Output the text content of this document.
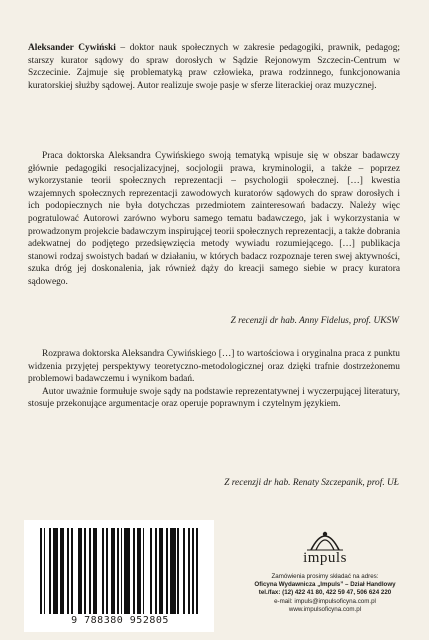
Aleksander Cywiński – doktor nauk społecznych w zakresie pedagogiki, prawnik, pedagog; starszy kurator sądowy do spraw dorosłych w Sądzie Rejonowym Szczecin-Centrum w Szczecinie. Zajmuje się problematyką praw człowieka, prawa rodzinnego, funkcjonowania kuratorskiej służby sądowej. Autor realizuje swoje pasje w sferze literackiej oraz muzycznej.

Praca doktorska Aleksandra Cywińskiego swoją tematyką wpisuje się w obszar badawczy głównie pedagogiki resocjalizacyjnej, socjologii prawa, kryminologii, a także – poprzez wykorzystanie teorii społecznych reprezentacji – psychologii społecznej. […] kwestia wzajemnych społecznych reprezentacji zawodowych kuratorów sądowych do spraw dorosłych i ich podopiecznych nie była dotychczas przedmiotem zainteresowań badaczy. Należy więc pogratulować Autorowi zarówno wyboru samego tematu badawczego, jak i wykorzystania w prowadzonym projekcie badawczym inspirującej teorii społecznych reprezentacji, a także dobrania adekwatnej do podjętego przedsięwzięcia metody wywiadu rozumiejącego. […] publikacja stanowi rodzaj swoistych badań w działaniu, w których badacz rozpoznaje teren swej aktywności, szuka dróg jej doskonalenia, jak również dąży do kreacji samego siebie w pracy kuratora sądowego.

Z recenzji dr hab. Anny Fidelus, prof. UKSW

Rozprawa doktorska Aleksandra Cywińskiego […] to wartościowa i oryginalna praca z punktu widzenia przyjętej perspektywy teoretyczno-metodologicznej oraz dzięki trafnie dostrzeżonemu problemowi badawczemu i wynikom badań.

Autor uważnie formułuje swoje sądy na podstawie reprezentatywnej i wyczerpującej literatury, stosuje przekonujące argumentacje oraz operuje poprawnym i czytelnym językiem.

Z recenzji dr hab. Renaty Szczepanik, prof. UŁ
9 788380 952805
impuls
Zamówienia prosimy składać na adres:
Oficyna Wydawnicza „Impuls” – Dział Handlowy
tel./fax: (12) 422 41 80, 422 59 47, 506 624 220
e-mail: impuls@impulsoficyna.com.pl
www.impulsoficyna.com.pl
